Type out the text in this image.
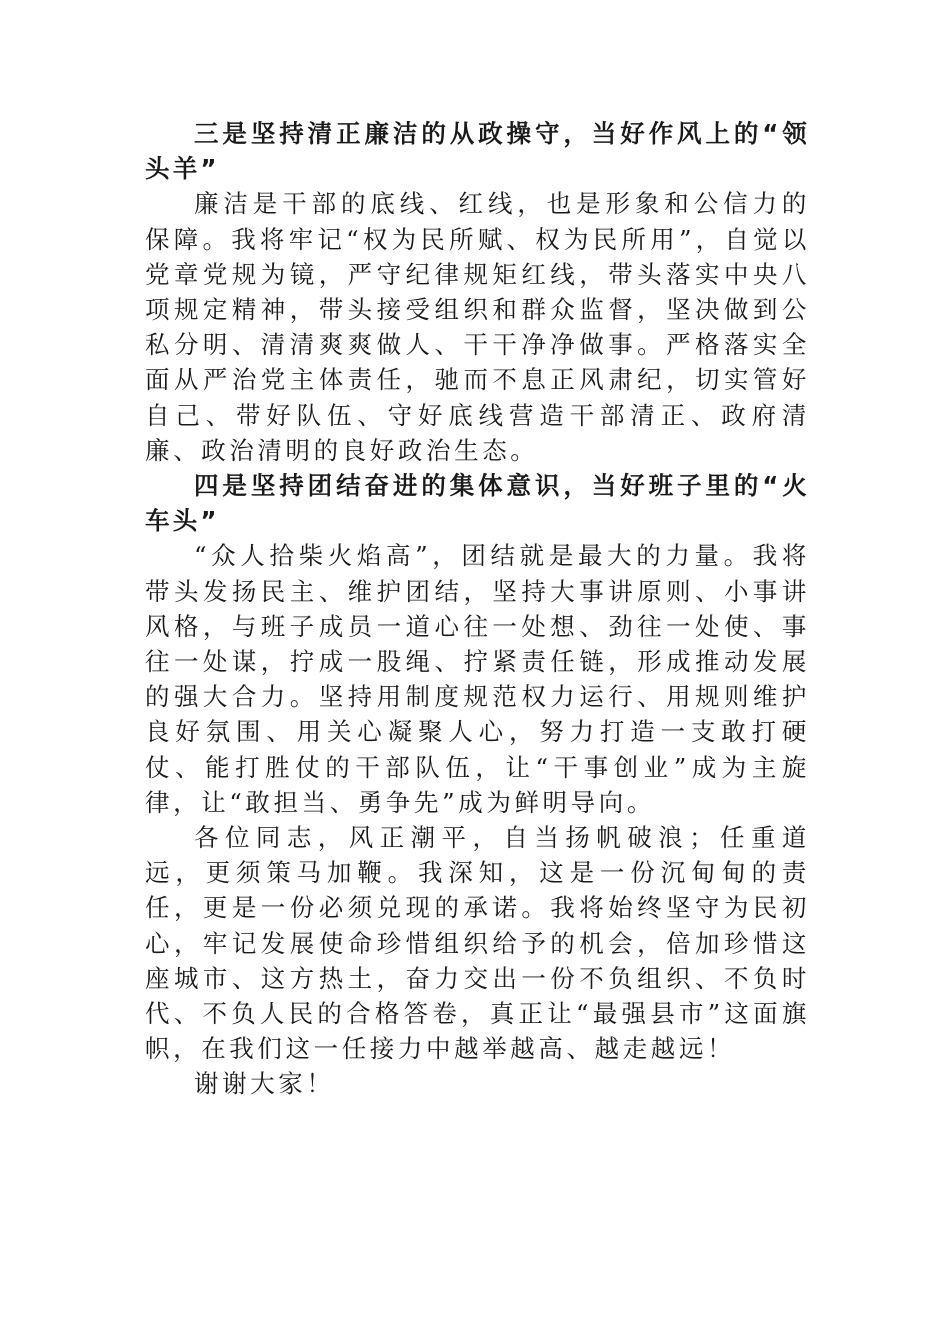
三是坚持清正廉洁的从政操守，当好作风上的“领头羊”

廉洁是干部的底线、红线，也是形象和公信力的保障。我将牢记“权为民所赋、权为民所用”，自觉以党章党规为镜，严守纪律规矩红线，带头落实中央八项规定精神，带头接受组织和群众监督，坚决做到公私分明、清清爽爽做人、干干净净做事。严格落实全面从严治党主体责任，驰而不息正风肃纪，切实管好自己、带好队伍、守好底线营造干部清正、政府清廉、政治清明的良好政治生态。

四是坚持团结奋进的集体意识，当好班子里的“火车头”

“众人拾柴火焰高”，团结就是最大的力量。我将带头发扬民主、维护团结，坚持大事讲原则、小事讲风格，与班子成员一道心往一处想、劲往一处使、事往一处谋，拧成一股绳、拧紧责任链，形成推动发展的强大合力。坚持用制度规范权力运行、用规则维护良好氛围、用关心凝聚人心，努力打造一支敢打硬仗、能打胜仗的干部队伍，让“干事创业”成为主旋律，让“敢担当、勇争先”成为鲜明导向。

各位同志，风正潮平，自当扬帆破浪；任重道远，更须策马加鞭。我深知，这是一份沉甸甸的责任，更是一份必须兑现的承诺。我将始终坚守为民初心，牢记发展使命珍惜组织给予的机会，倍加珍惜这座城市、这方热土，奋力交出一份不负组织、不负时代、不负人民的合格答卷，真正让“最强县市”这面旗帜，在我们这一任接力中越举越高、越走越远！

谢谢大家！
